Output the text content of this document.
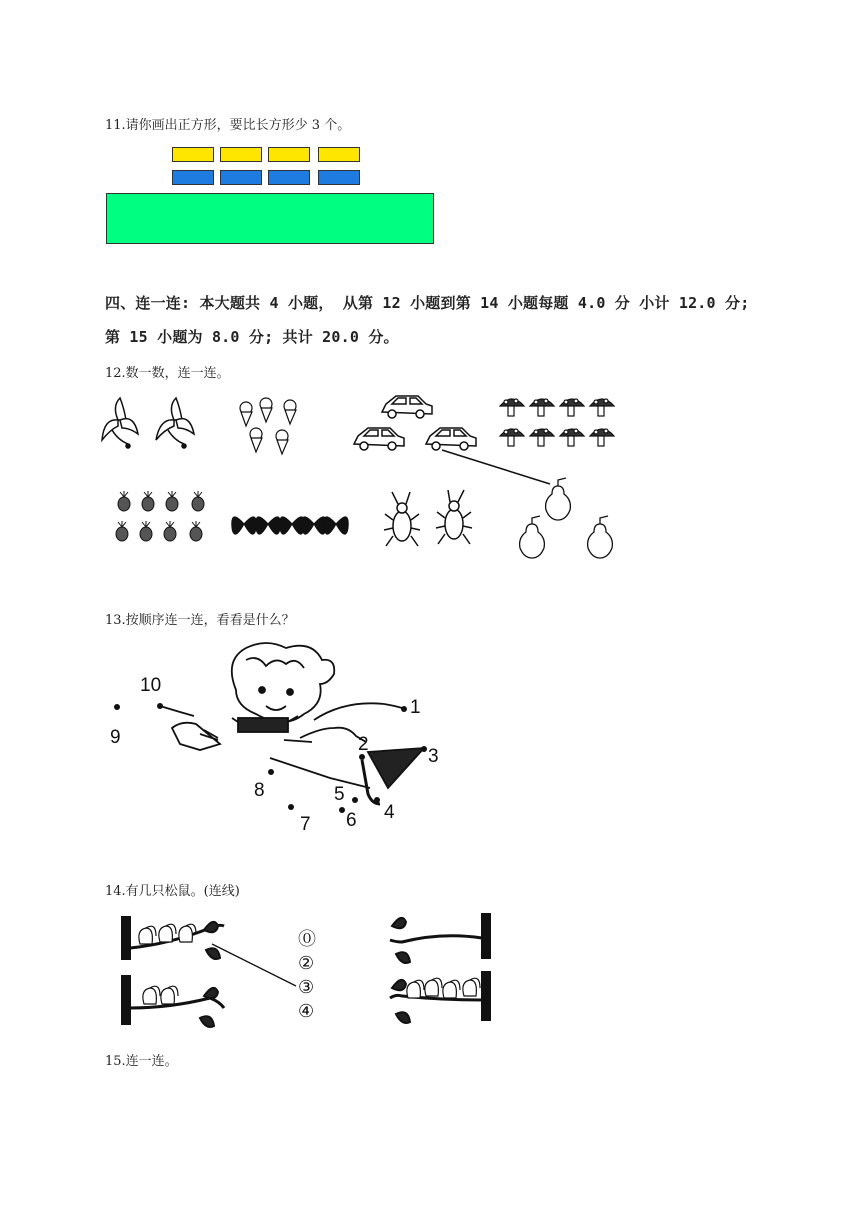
11.请你画出正方形，要比长方形少 3 个。
四、连一连: 本大题共 4 小题， 从第 12 小题到第 14 小题每题 4.0 分 小计 12.0 分;
第 15 小题为 8.0 分; 共计 20.0 分。
12.数一数，连一连。
13.按顺序连一连，看看是什么？
10
9
1
2
3
4
5
6
7
8
14.有几只松鼠。(连线)
⓪
②
③
④
15.连一连。
